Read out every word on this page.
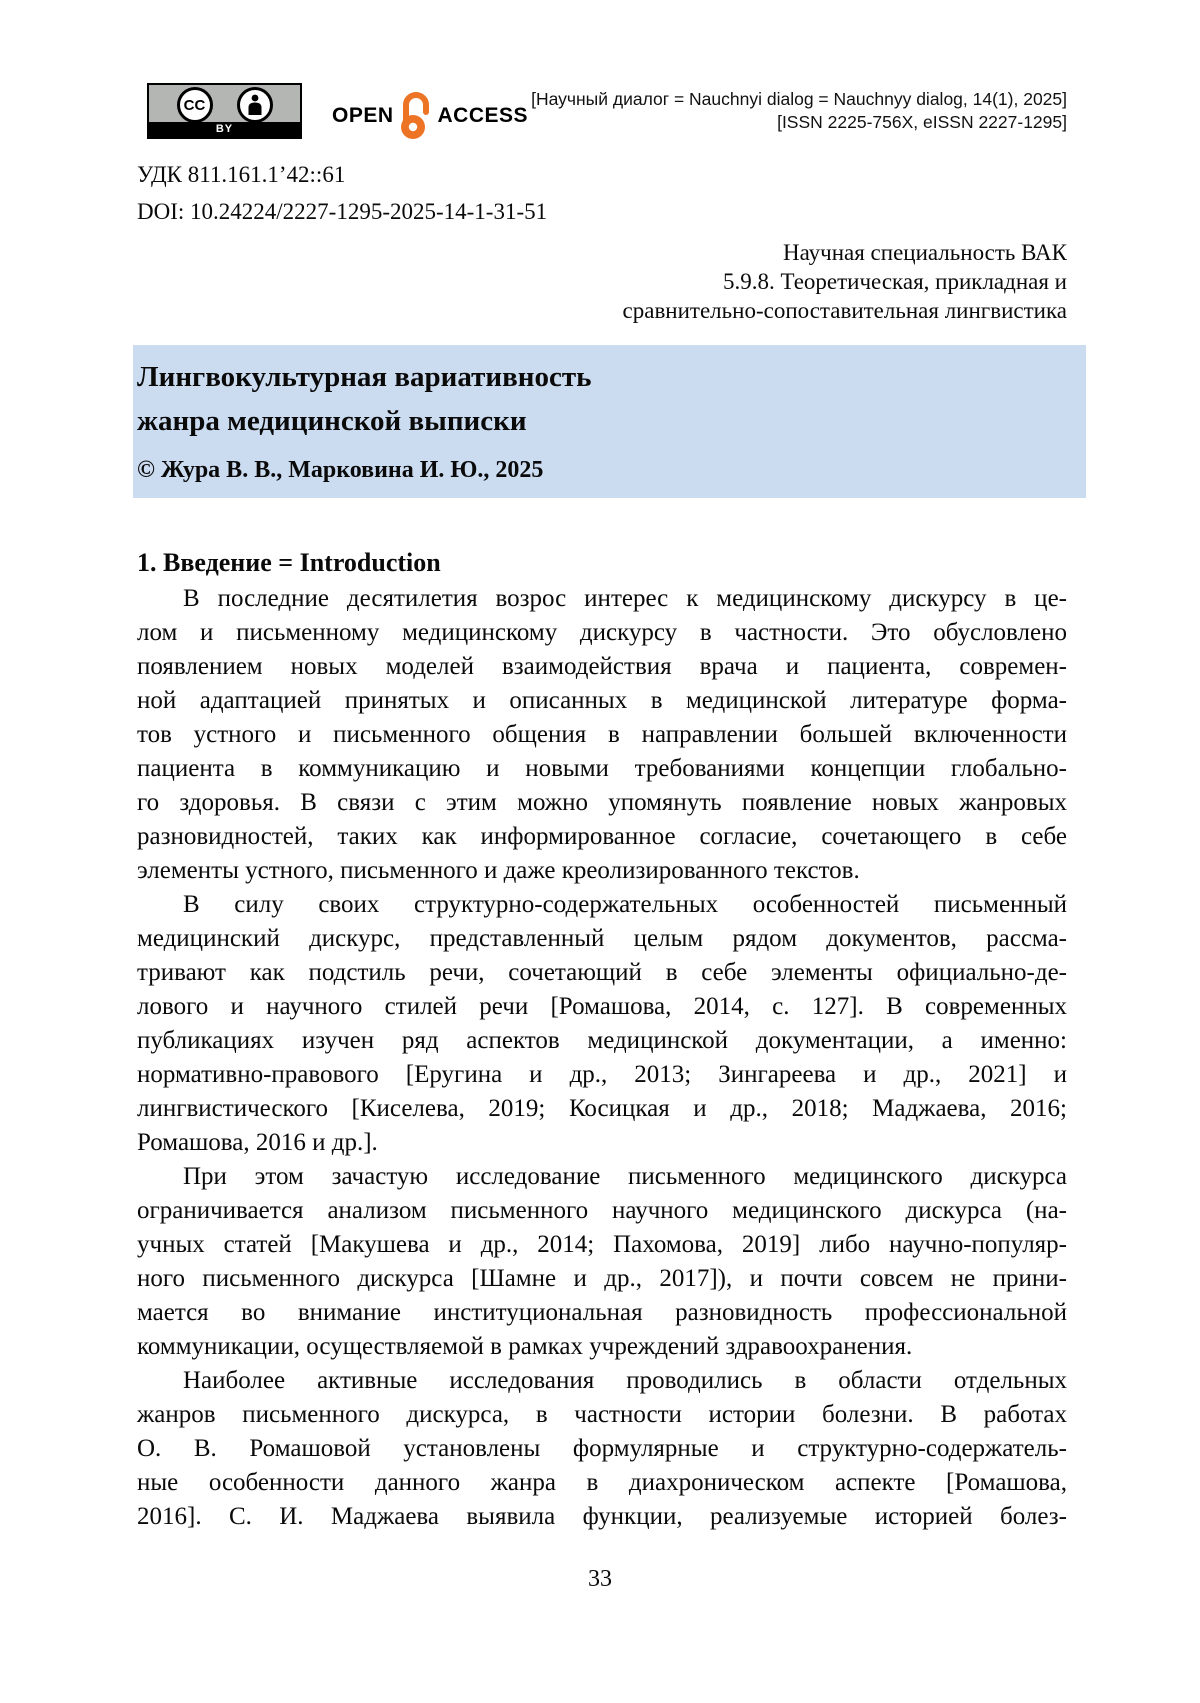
CC
BY
OPEN ACCESS
[Научный диалог = Nauchnyi dialog = Nauchnyy dialog, 14(1), 2025]
[ISSN 2225-756X, eISSN 2227-1295]
УДК 811.161.1’42::61
DOI: 10.24224/2227-1295-2025-14-1-31-51
Научная специальность ВАК
5.9.8. Теоретическая, прикладная и
сравнительно-сопоставительная лингвистика
Лингвокультурная вариативность
жанра медицинской выписки
© Жура В. В., Марковина И. Ю., 2025
1. Введение = Introduction
В последние десятилетия возрос интерес к медицинскому дискурсу в це-
лом и письменному медицинскому дискурсу в частности. Это обусловлено
появлением новых моделей взаимодействия врача и пациента, современ-
ной адаптацией принятых и описанных в медицинской литературе форма-
тов устного и письменного общения в направлении большей включенности
пациента в коммуникацию и новыми требованиями концепции глобально-
го здоровья. В связи с этим можно упомянуть появление новых жанровых
разновидностей, таких как информированное согласие, сочетающего в себе
элементы устного, письменного и даже креолизированного текстов.
В силу своих структурно-содержательных особенностей письменный
медицинский дискурс, представленный целым рядом документов, рассма-
тривают как подстиль речи, сочетающий в себе элементы официально-де-
лового и научного стилей речи [Ромашова, 2014, с. 127]. В современных
публикациях изучен ряд аспектов медицинской документации, а именно:
нормативно-правового [Еругина и др., 2013; Зингареева и др., 2021] и
лингвистического [Киселева, 2019; Косицкая и др., 2018; Маджаева, 2016;
Ромашова, 2016 и др.].
При этом зачастую исследование письменного медицинского дискурса
ограничивается анализом письменного научного медицинского дискурса (на-
учных статей [Макушева и др., 2014; Пахомова, 2019] либо научно-популяр-
ного письменного дискурса [Шамне и др., 2017]), и почти совсем не прини-
мается во внимание институциональная разновидность профессиональной
коммуникации, осуществляемой в рамках учреждений здравоохранения.
Наиболее активные исследования проводились в области отдельных
жанров письменного дискурса, в частности истории болезни. В работах
О. В. Ромашовой установлены формулярные и структурно-содержатель-
ные особенности данного жанра в диахроническом аспекте [Ромашова,
2016]. С. И. Маджаева выявила функции, реализуемые историей болез-
33
